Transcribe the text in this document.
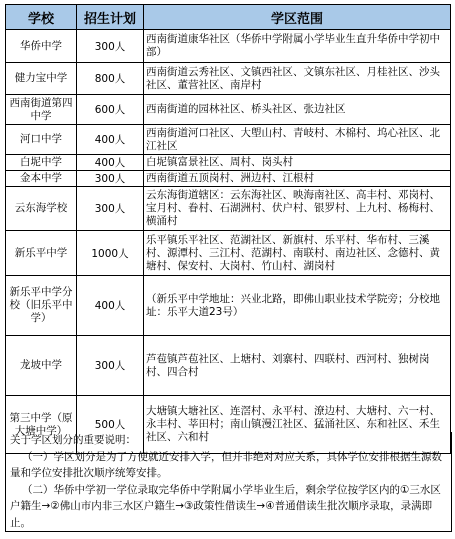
学校	招生计划	学区范围
华侨中学	300人	西南街道康华社区（华侨中学附属小学毕业生直升华侨中学初中部）
健力宝中学	800人	西南街道云秀社区、文镇西社区、文镇东社区、月桂社区、沙头社区、董营社区、南岸村
西南街道第四中学	600人	西南街道的园林社区、桥头社区、张边社区
河口中学	400人	西南街道河口社区、大塱山村、青岐村、木棉村、坞心社区、北江社区
白坭中学	400人	白坭镇富景社区、周村、岗头村
金本中学	300人	西南街道五顶岗村、洲边村、江根村
云东海学校	300人	云东海街道辖区：云东海社区、映海南社区、高丰村、邓岗村、宝月村、眷村、石湖洲村、伏户村、银罗村、上九村、杨梅村、横涌村
新乐平中学	1000人	乐平镇乐平社区、范湖社区、新旗村、乐平村、华布村、三溪村、源潭村、三江村、范湖村、南联村、南边社区、念德村、黄塘村、保安村、大岗村、竹山村、湖岗村
新乐平中学分校（旧乐平中学）	400人	（新乐平中学地址：兴业北路，即佛山职业技术学院旁；分校地址：乐平大道23号）
龙坡中学	300人	芦苞镇芦苞社区、上塘村、刘寨村、四联村、西河村、独树岗村、四合村
第三中学（原大塘中学）	500人	大塘镇大塘社区、连滘村、永平村、潦边村、大塘村、六一村、永丰村、莘田村；南山镇漫江社区、猛涌社区、东和社区、禾生社区、六和村

关于学区划分的重要说明：

（一）学区划分是为了方便就近安排入学，但并非绝对对应关系，具体学位安排根据生源数量和学位安排批次顺序统筹安排。

（二）华侨中学初一学位录取完华侨中学附属小学毕业生后，剩余学位按学区内的①三水区户籍生→②佛山市内非三水区户籍生→③政策性借读生→④普通借读生批次顺序录取，录满即止。
